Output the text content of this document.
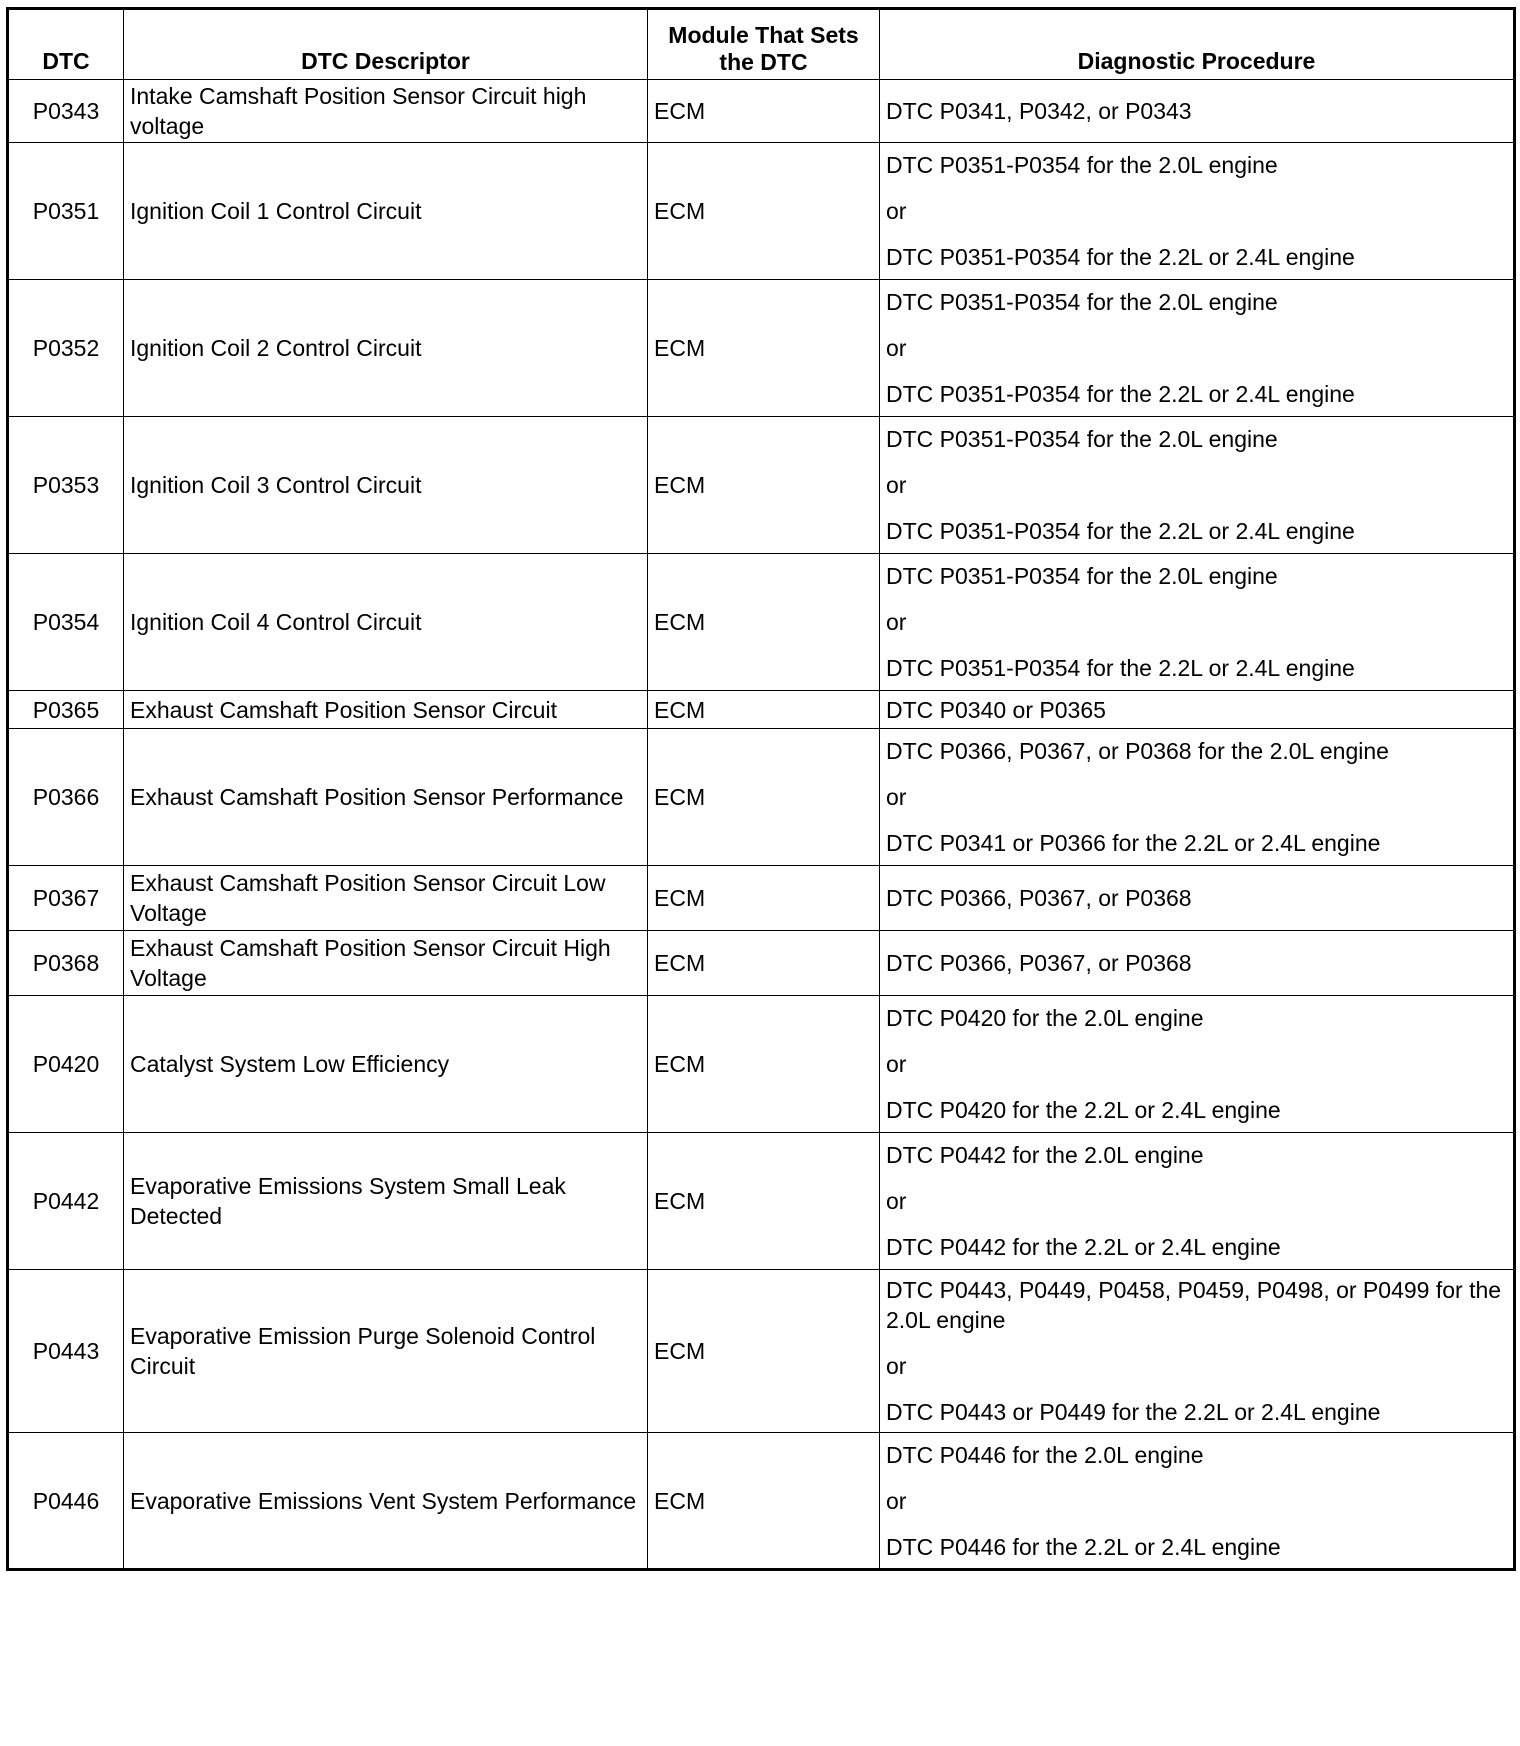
DTC	DTC Descriptor	Module That Sets the DTC	Diagnostic Procedure
P0343	Intake Camshaft Position Sensor Circuit high voltage	ECM	DTC P0341, P0342, or P0343

P0351	Ignition Coil 1 Control Circuit	ECM	DTC P0351-P0354 for the 2.0L engine
or
DTC P0351-P0354 for the 2.2L or 2.4L engine

P0352	Ignition Coil 2 Control Circuit	ECM	DTC P0351-P0354 for the 2.0L engine
or
DTC P0351-P0354 for the 2.2L or 2.4L engine

P0353	Ignition Coil 3 Control Circuit	ECM	DTC P0351-P0354 for the 2.0L engine
or
DTC P0351-P0354 for the 2.2L or 2.4L engine

P0354	Ignition Coil 4 Control Circuit	ECM	DTC P0351-P0354 for the 2.0L engine
or
DTC P0351-P0354 for the 2.2L or 2.4L engine

P0365	Exhaust Camshaft Position Sensor Circuit	ECM	DTC P0340 or P0365

P0366	Exhaust Camshaft Position Sensor Performance	ECM	DTC P0366, P0367, or P0368 for the 2.0L engine
or
DTC P0341 or P0366 for the 2.2L or 2.4L engine

P0367	Exhaust Camshaft Position Sensor Circuit Low Voltage	ECM	DTC P0366, P0367, or P0368

P0368	Exhaust Camshaft Position Sensor Circuit High Voltage	ECM	DTC P0366, P0367, or P0368

P0420	Catalyst System Low Efficiency	ECM	DTC P0420 for the 2.0L engine
or
DTC P0420 for the 2.2L or 2.4L engine

P0442	Evaporative Emissions System Small Leak Detected	ECM	DTC P0442 for the 2.0L engine
or
DTC P0442 for the 2.2L or 2.4L engine

P0443	Evaporative Emission Purge Solenoid Control Circuit	ECM	DTC P0443, P0449, P0458, P0459, P0498, or P0499 for the 2.0L engine
or
DTC P0443 or P0449 for the 2.2L or 2.4L engine

P0446	Evaporative Emissions Vent System Performance	ECM	DTC P0446 for the 2.0L engine
or
DTC P0446 for the 2.2L or 2.4L engine
